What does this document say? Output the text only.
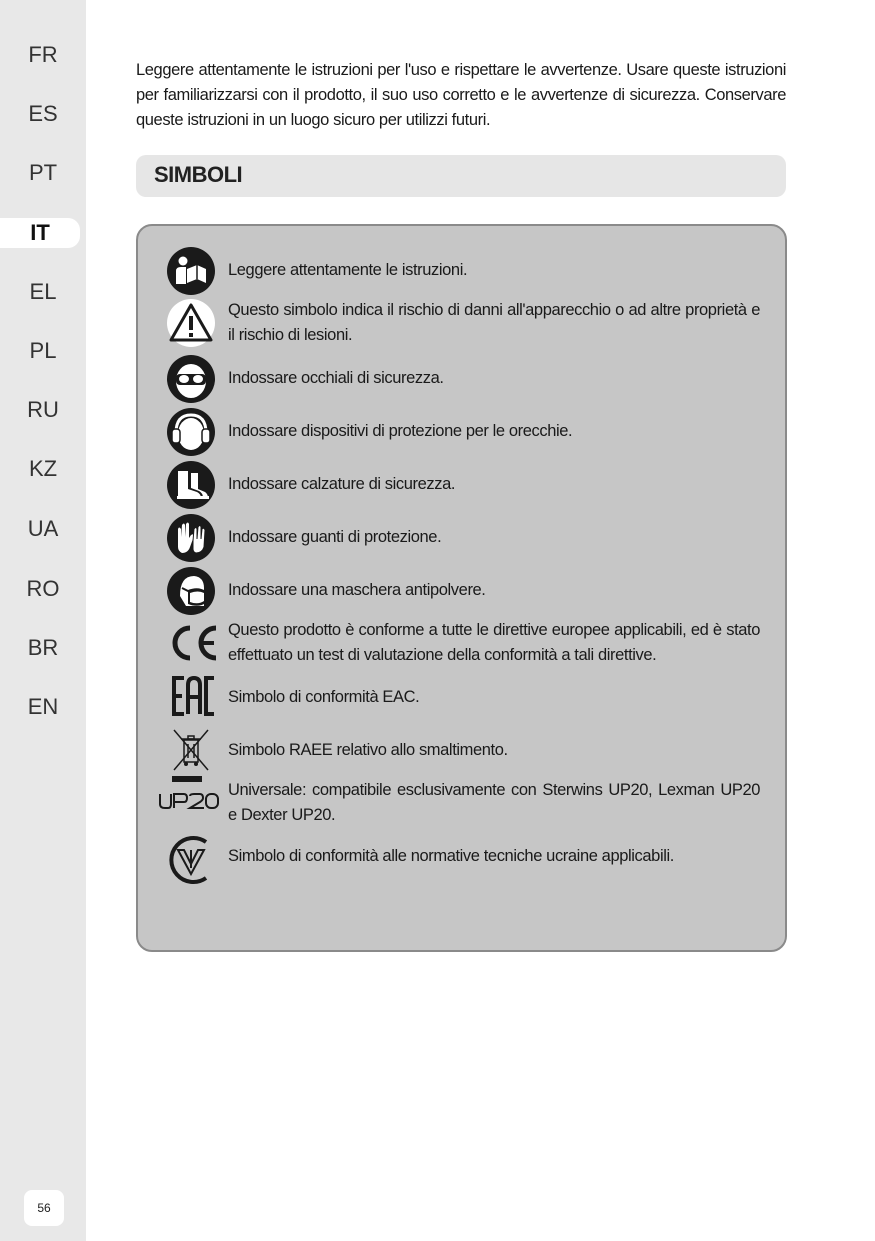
FR
ES
PT
IT
EL
PL
RU
KZ
UA
RO
BR
EN
56
Leggere attentamente le istruzioni per l'uso e rispettare le avvertenze. Usare queste istruzioni per familiarizzarsi con il prodotto, il suo uso corretto e le avvertenze di sicurezza. Conservare queste istruzioni in un luogo sicuro per utilizzi futuri.
SIMBOLI
Leggere attentamente le istruzioni.
Questo simbolo indica il rischio di danni all'apparecchio o ad altre proprietà e il rischio di lesioni.
Indossare occhiali di sicurezza.
Indossare dispositivi di protezione per le orecchie.
Indossare calzature di sicurezza.
Indossare guanti di protezione.
Indossare una maschera antipolvere.
CE
Questo prodotto è conforme a tutte le direttive europee applicabili, ed è stato effettuato un test di valutazione della conformità a tali direttive.
EAC
Simbolo di conformità EAC.
Simbolo RAEE relativo allo smaltimento.
UP20
Universale: compatibile esclusivamente con Sterwins UP20, Lexman UP20 e Dexter UP20.
Simbolo di conformità alle normative tecniche ucraine applicabili.
